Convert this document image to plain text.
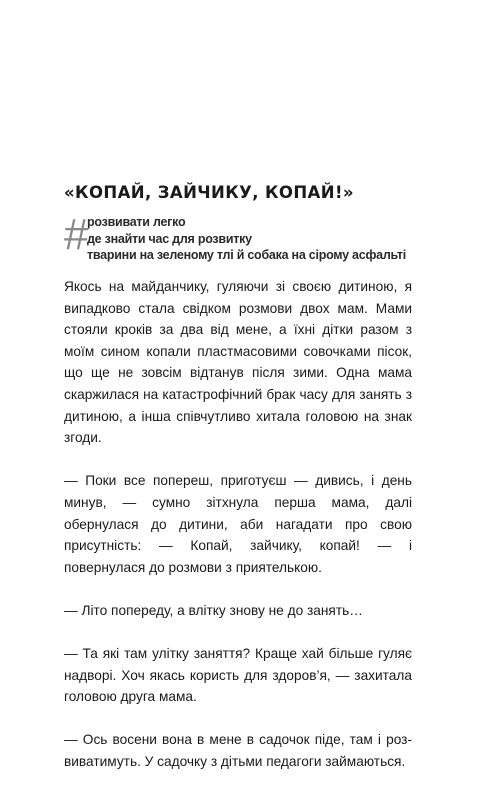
«КОПАЙ, ЗАЙЧИКУ, КОПАЙ!»
#
розвивати легко
де знайти час для розвитку
тварини на зеленому тлі й собака на сірому асфальті

Якось на майданчику, гуляючи зі своєю дитиною, я випадково стала свідком розмови двох мам. Мами стояли кроків за два від мене, а їхні дітки разом з моїм сином копали пластмасовими совочками пісок, що ще не зовсім відтанув після зими. Одна мама скаржилася на катастрофічний брак часу для занять з дитиною, а інша співчутливо хитала головою на знак згоди.

— Поки все попереш, приготуєш — дивись, і день минув, — сумно зітхнула перша мама, далі обернулася до дитини, аби нагадати про свою присутність: — Копай, зайчику, копай! — і повернулася до розмови з приятелькою.

— Літо попереду, а влітку знову не до занять…

— Та які там улітку заняття? Краще хай більше гуляє надворі. Хоч якась користь для здоров’я, — захитала головою друга мама.

— Ось восени вона в мене в садочок піде, там і розвиватимуть. У садочку з дітьми педагоги займаються.
